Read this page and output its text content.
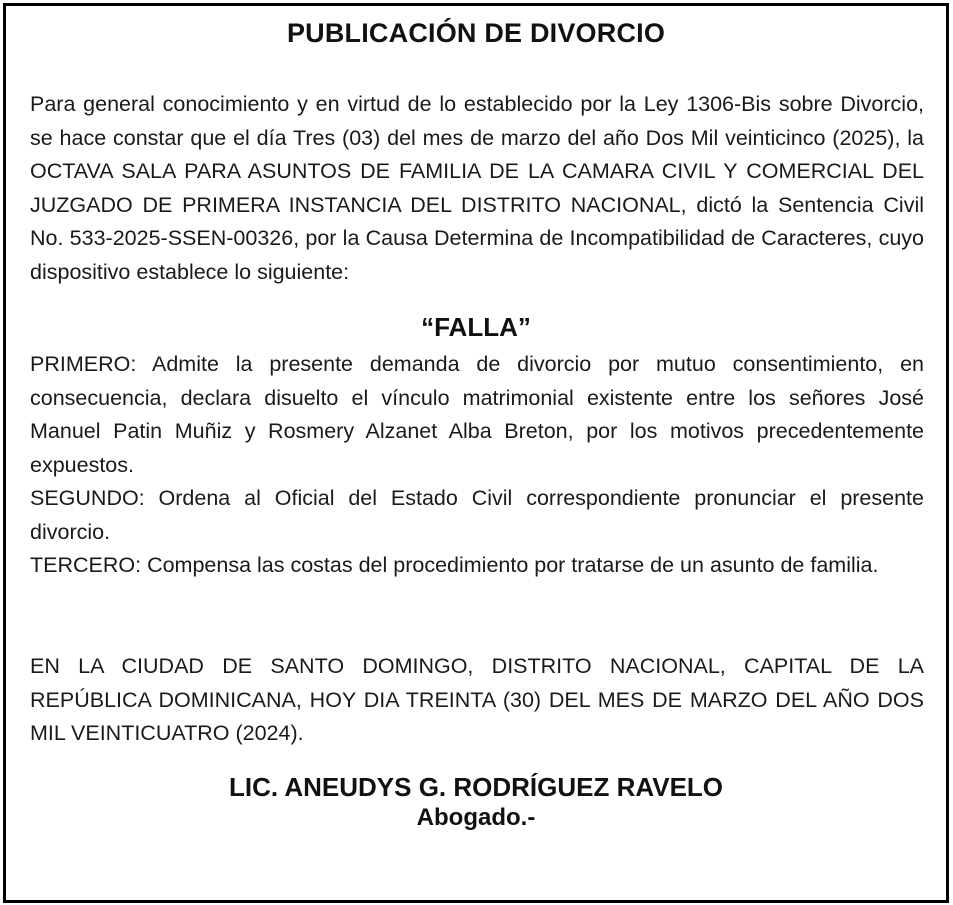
PUBLICACIÓN DE DIVORCIO
Para general conocimiento y en virtud de lo establecido por la Ley 1306-Bis sobre Divorcio, se hace constar que el día Tres (03) del mes de marzo del año Dos Mil veinticinco (2025), la OCTAVA SALA PARA ASUNTOS DE FAMILIA DE LA CAMARA CIVIL Y COMERCIAL DEL JUZGADO DE PRIMERA INSTANCIA DEL DISTRITO NACIONAL, dictó la Sentencia Civil No. 533-2025-SSEN-00326, por la Causa Determina de Incompatibilidad de Caracteres, cuyo dispositivo establece lo siguiente:
“FALLA”

PRIMERO: Admite la presente demanda de divorcio por mutuo consentimiento, en consecuencia, declara disuelto el vínculo matrimonial existente entre los señores José Manuel Patin Muñiz y Rosmery Alzanet Alba Breton, por los motivos precedentemente expuestos.

SEGUNDO: Ordena al Oficial del Estado Civil correspondiente pronunciar el presente divorcio.

TERCERO: Compensa las costas del procedimiento por tratarse de un asunto de familia.

EN LA CIUDAD DE SANTO DOMINGO, DISTRITO NACIONAL, CAPITAL DE LA REPÚBLICA DOMINICANA, HOY DIA TREINTA (30) DEL MES DE MARZO DEL AÑO DOS MIL VEINTICUATRO (2024).
LIC. ANEUDYS G. RODRÍGUEZ RAVELO
Abogado.-
